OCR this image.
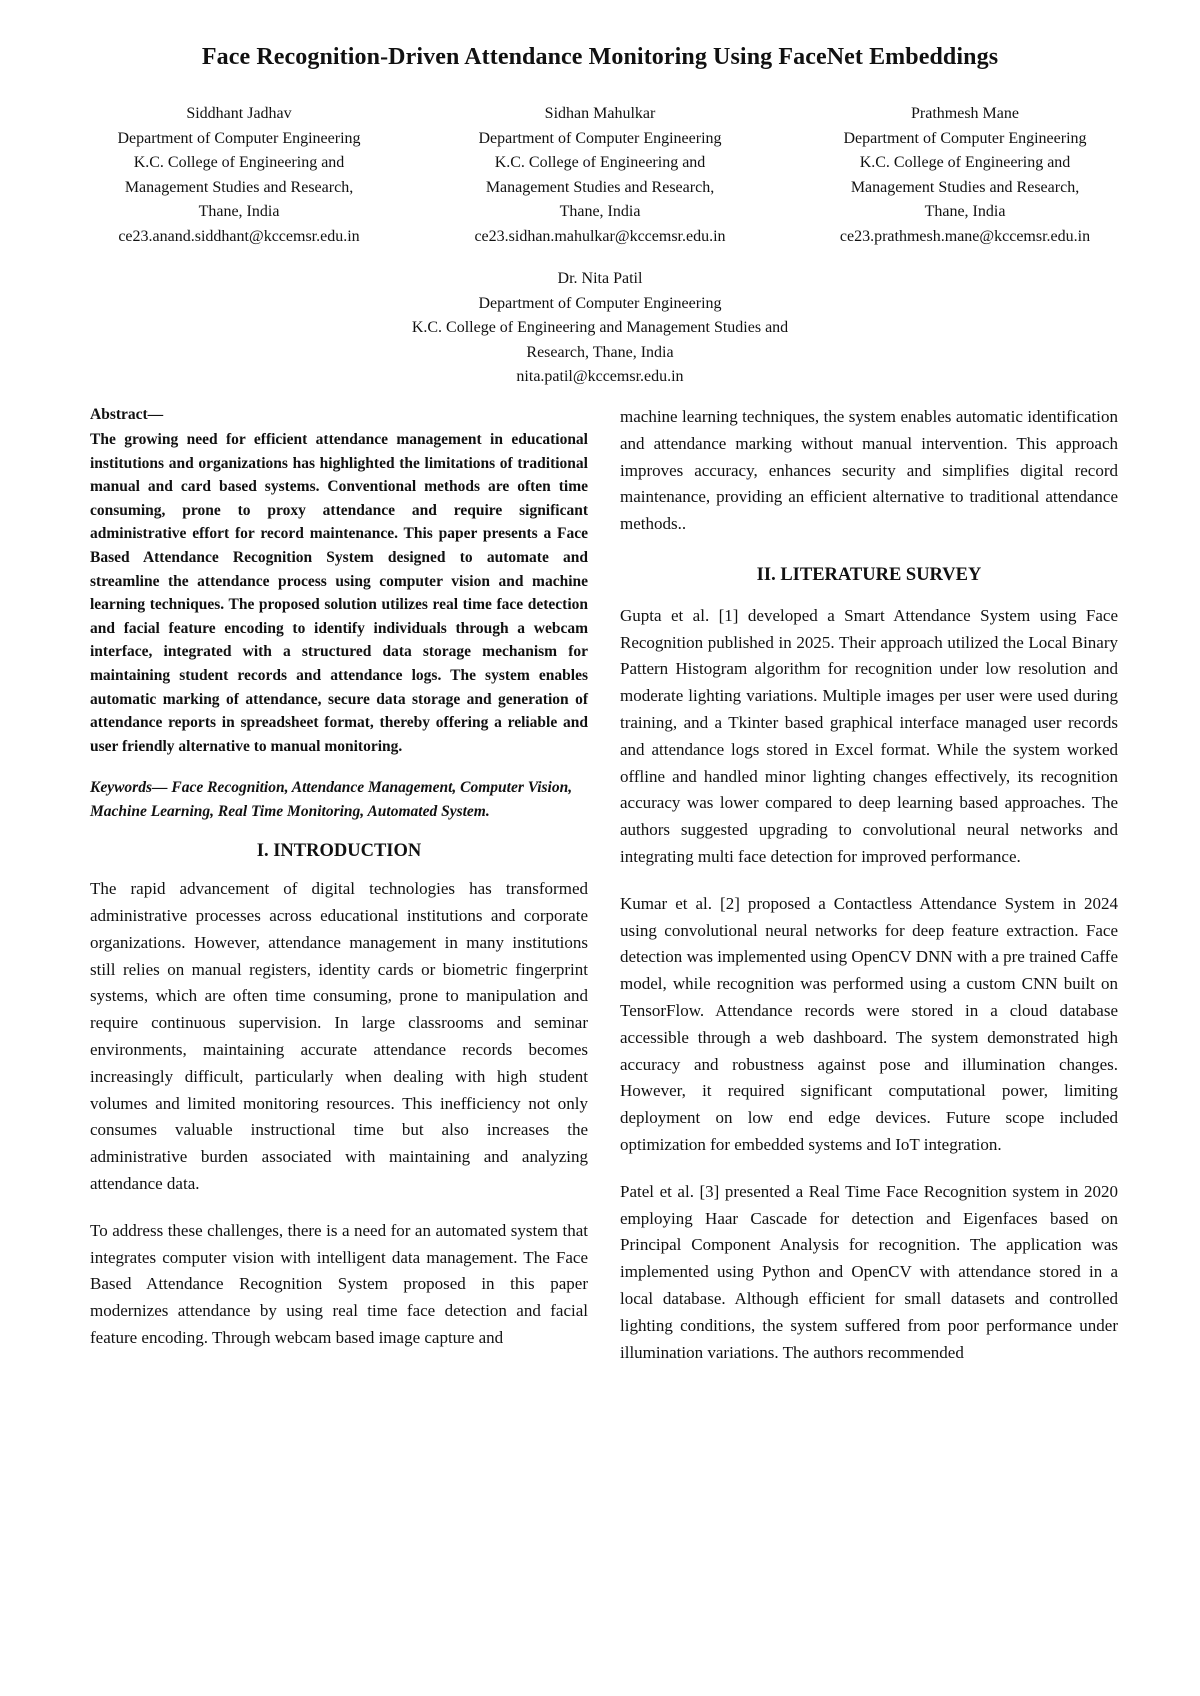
Face Recognition-Driven Attendance Monitoring Using FaceNet Embeddings
Siddhant Jadhav
Department of Computer Engineering
K.C. College of Engineering and
Management Studies and Research,
Thane, India
ce23.anand.siddhant@kccemsr.edu.in
Sidhan Mahulkar
Department of Computer Engineering
K.C. College of Engineering and
Management Studies and Research,
Thane, India
ce23.sidhan.mahulkar@kccemsr.edu.in
Prathmesh Mane
Department of Computer Engineering
K.C. College of Engineering and
Management Studies and Research,
Thane, India
ce23.prathmesh.mane@kccemsr.edu.in
Dr. Nita Patil
Department of Computer Engineering
K.C. College of Engineering and Management Studies and
Research, Thane, India
nita.patil@kccemsr.edu.in

Abstract—

The growing need for efficient attendance management in educational institutions and organizations has highlighted the limitations of traditional manual and card based systems. Conventional methods are often time consuming, prone to proxy attendance and require significant administrative effort for record maintenance. This paper presents a Face Based Attendance Recognition System designed to automate and streamline the attendance process using computer vision and machine learning techniques. The proposed solution utilizes real time face detection and facial feature encoding to identify individuals through a webcam interface, integrated with a structured data storage mechanism for maintaining student records and attendance logs. The system enables automatic marking of attendance, secure data storage and generation of attendance reports in spreadsheet format, thereby offering a reliable and user friendly alternative to manual monitoring.

Keywords— Face Recognition, Attendance Management, Computer Vision, Machine Learning, Real Time Monitoring, Automated System.

I. INTRODUCTION

The rapid advancement of digital technologies has transformed administrative processes across educational institutions and corporate organizations. However, attendance management in many institutions still relies on manual registers, identity cards or biometric fingerprint systems, which are often time consuming, prone to manipulation and require continuous supervision. In large classrooms and seminar environments, maintaining accurate attendance records becomes increasingly difficult, particularly when dealing with high student volumes and limited monitoring resources. This inefficiency not only consumes valuable instructional time but also increases the administrative burden associated with maintaining and analyzing attendance data.

To address these challenges, there is a need for an automated system that integrates computer vision with intelligent data management. The Face Based Attendance Recognition System proposed in this paper modernizes attendance by using real time face detection and facial feature encoding. Through webcam based image capture and

machine learning techniques, the system enables automatic identification and attendance marking without manual intervention. This approach improves accuracy, enhances security and simplifies digital record maintenance, providing an efficient alternative to traditional attendance methods..

II. LITERATURE SURVEY

Gupta et al. [1] developed a Smart Attendance System using Face Recognition published in 2025. Their approach utilized the Local Binary Pattern Histogram algorithm for recognition under low resolution and moderate lighting variations. Multiple images per user were used during training, and a Tkinter based graphical interface managed user records and attendance logs stored in Excel format. While the system worked offline and handled minor lighting changes effectively, its recognition accuracy was lower compared to deep learning based approaches. The authors suggested upgrading to convolutional neural networks and integrating multi face detection for improved performance.

Kumar et al. [2] proposed a Contactless Attendance System in 2024 using convolutional neural networks for deep feature extraction. Face detection was implemented using OpenCV DNN with a pre trained Caffe model, while recognition was performed using a custom CNN built on TensorFlow. Attendance records were stored in a cloud database accessible through a web dashboard. The system demonstrated high accuracy and robustness against pose and illumination changes. However, it required significant computational power, limiting deployment on low end edge devices. Future scope included optimization for embedded systems and IoT integration.

Patel et al. [3] presented a Real Time Face Recognition system in 2020 employing Haar Cascade for detection and Eigenfaces based on Principal Component Analysis for recognition. The application was implemented using Python and OpenCV with attendance stored in a local database. Although efficient for small datasets and controlled lighting conditions, the system suffered from poor performance under illumination variations. The authors recommended
